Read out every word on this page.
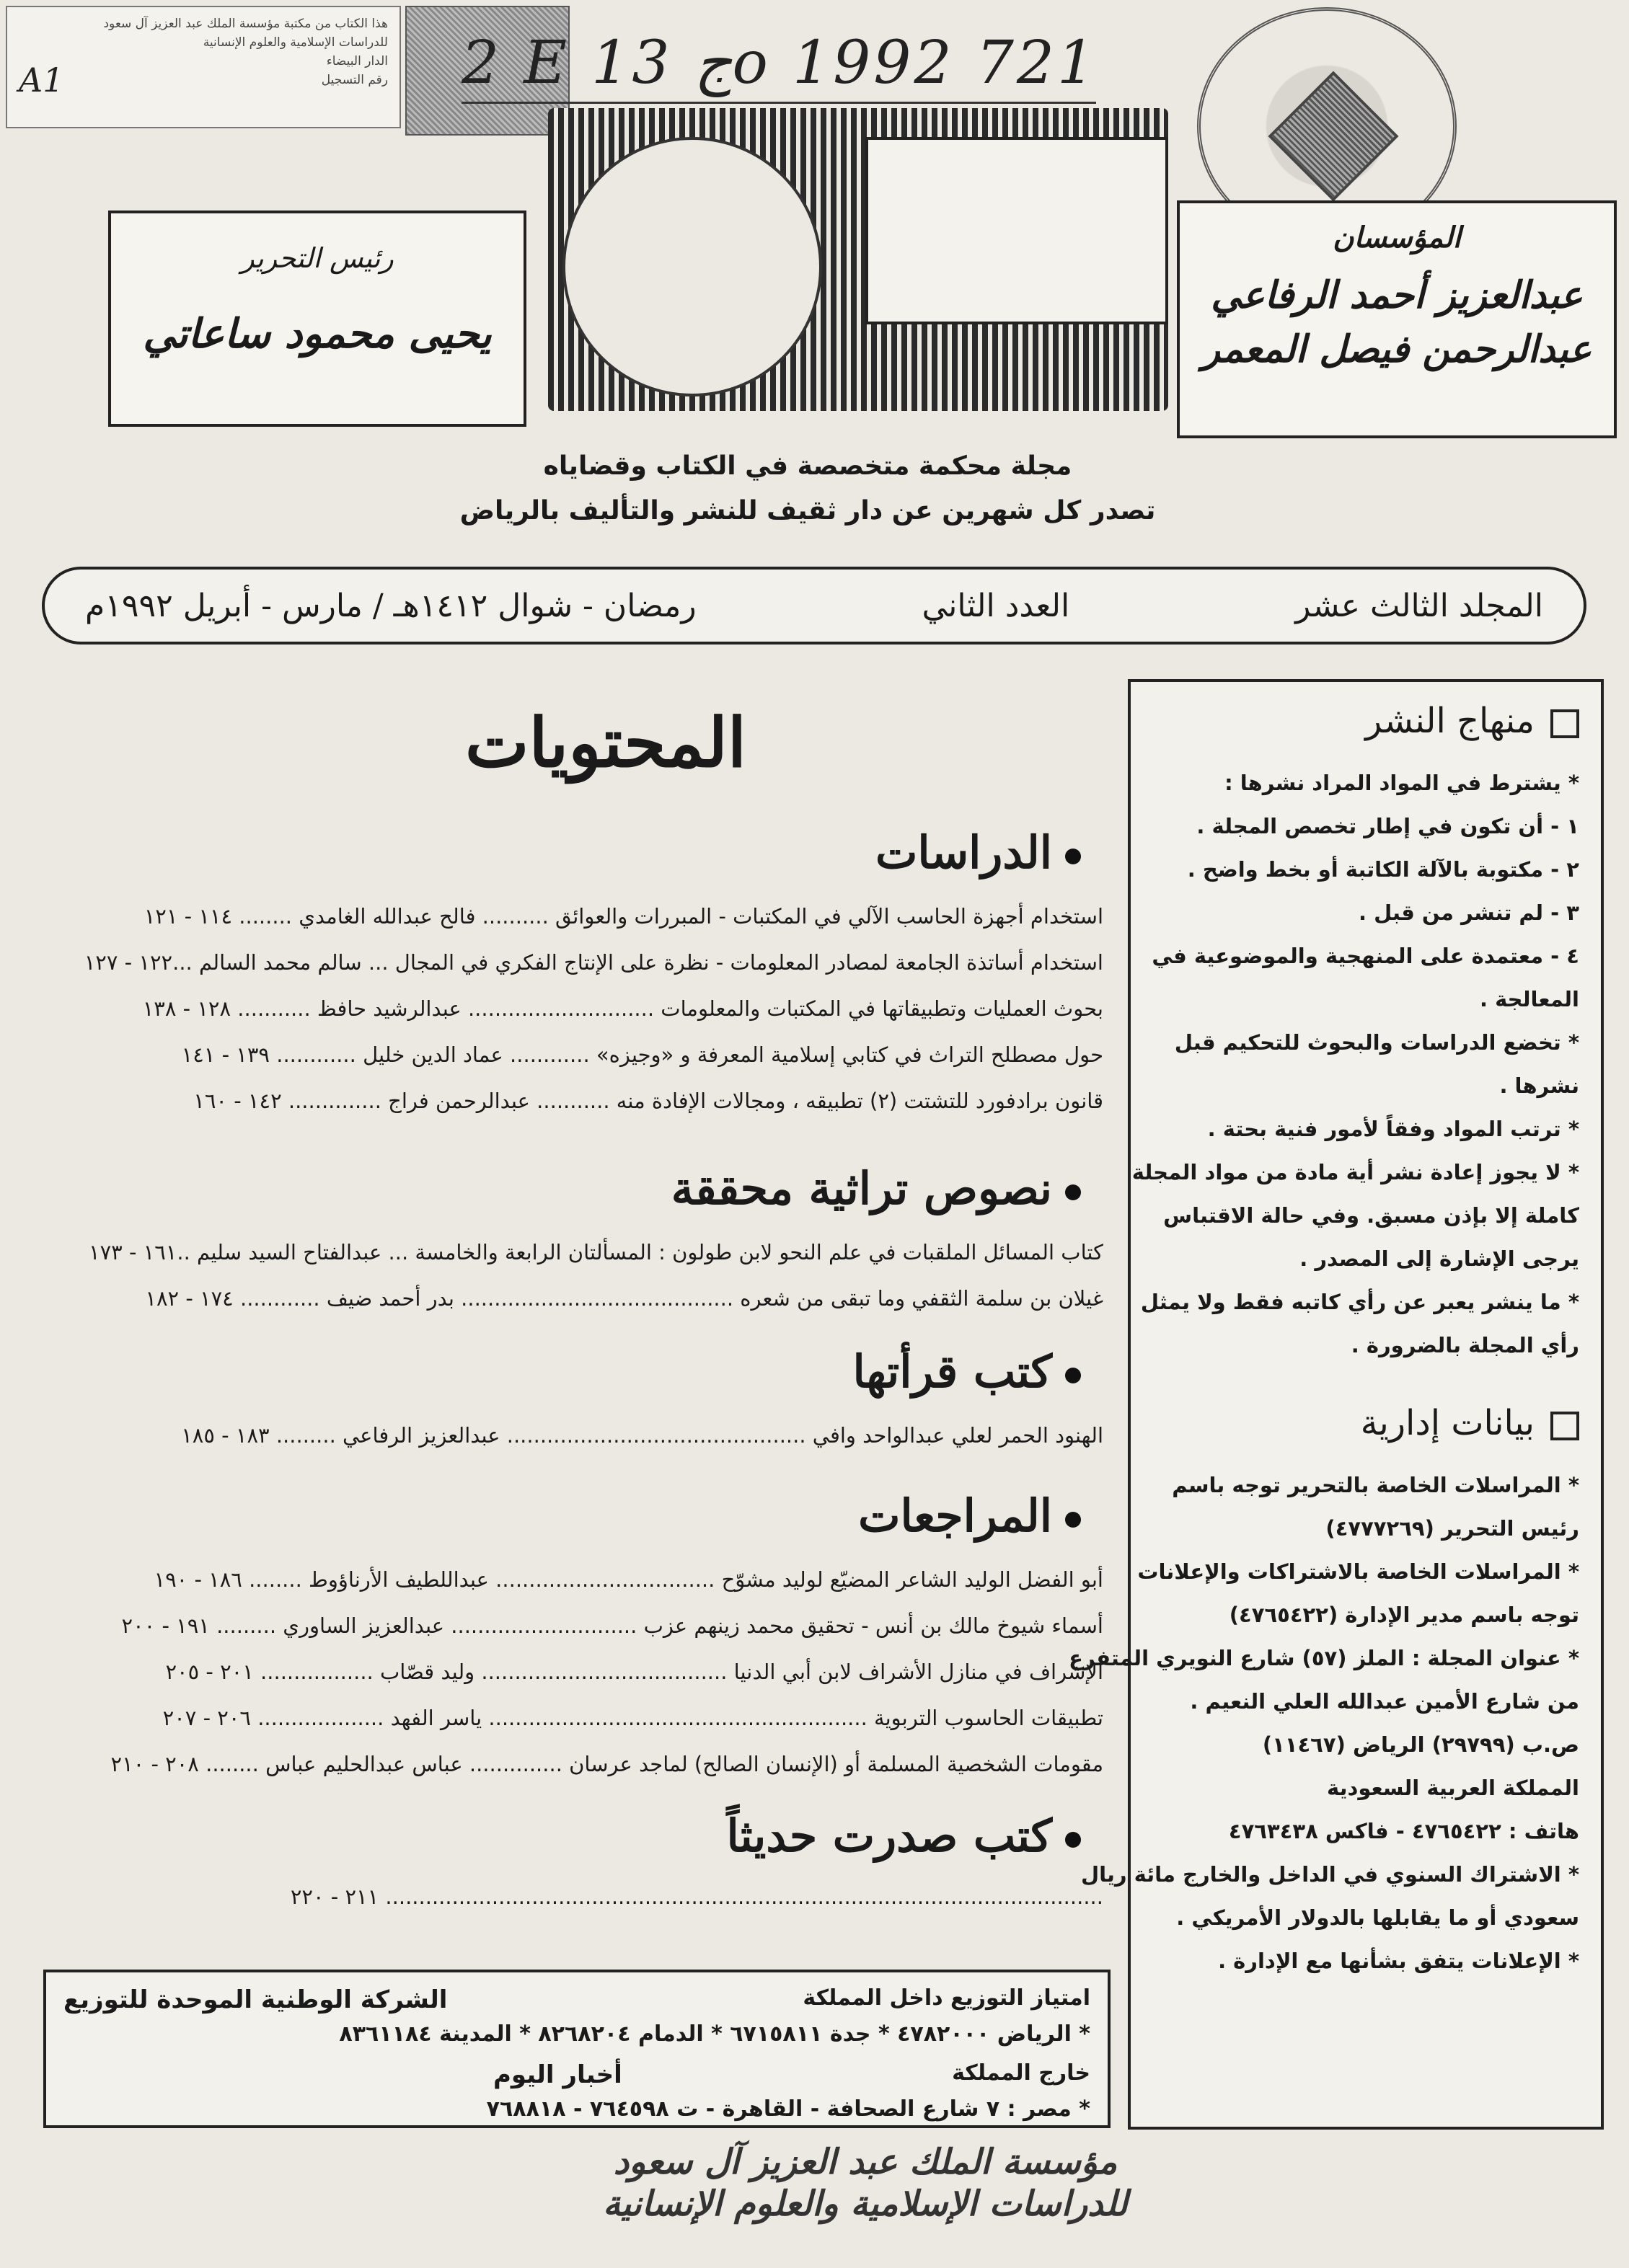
هذا الكتاب من مكتبة مؤسسة الملك عبد العزيز آل سعود
للدراسات الإسلامية والعلوم الإنسانية
الدار البيضاء
A1	رقم التسجيل 2 E 13 جo 1992 721
رئيس التحرير
يحيى محمود ساعاتي
المؤسسان
عبدالعزيز أحمد الرفاعي
عبدالرحمن فيصل المعمر
مجلة محكمة متخصصة في الكتاب وقضاياه
تصدر كل شهرين عن دار ثقيف للنشر والتأليف بالرياض
المجلد الثالث عشر
العدد الثاني
رمضان - شوال ١٤١٢هـ / مارس - أبريل ١٩٩٢م
المحتويات
الدراسات
استخدام أجهزة الحاسب الآلي في المكتبات - المبررات والعوائق .......... فالح عبدالله الغامدي ........ ١١٤ - ١٢١
استخدام أساتذة الجامعة لمصادر المعلومات - نظرة على الإنتاج الفكري في المجال ... سالم محمد السالم ...١٢٢ - ١٢٧
بحوث العمليات وتطبيقاتها في المكتبات والمعلومات ............................ عبدالرشيد حافظ ........... ١٢٨ - ١٣٨
حول مصطلح التراث في كتابي إسلامية المعرفة و «وجيزه» ............ عماد الدين خليل ............ ١٣٩ - ١٤١
قانون برادفورد للتشتت (٢) تطبيقه ، ومجالات الإفادة منه ........... عبدالرحمن فراج .............. ١٤٢ - ١٦٠
نصوص تراثية محققة
كتاب المسائل الملقبات في علم النحو لابن طولون : المسألتان الرابعة والخامسة ... عبدالفتاح السيد سليم ..١٦١ - ١٧٣
غيلان بن سلمة الثقفي وما تبقى من شعره ......................................... بدر أحمد ضيف ............ ١٧٤ - ١٨٢
كتب قرأتها
الهنود الحمر لعلي عبدالواحد وافي ............................................. عبدالعزيز الرفاعي ......... ١٨٣ - ١٨٥
المراجعات
أبو الفضل الوليد الشاعر المضيّع لوليد مشوّح ................................. عبداللطيف الأرناؤوط ........ ١٨٦ - ١٩٠
أسماء شيوخ مالك بن أنس - تحقيق محمد زينهم عزب ............................ عبدالعزيز الساوري ......... ١٩١ - ٢٠٠
الإشراف في منازل الأشراف لابن أبي الدنيا ..................................... وليد قصّاب ................. ٢٠١ - ٢٠٥
تطبيقات الحاسوب التربوية ......................................................... ياسر الفهد ................... ٢٠٦ - ٢٠٧
مقومات الشخصية المسلمة أو (الإنسان الصالح) لماجد عرسان .............. عباس عبدالحليم عباس ........ ٢٠٨ - ٢١٠
كتب صدرت حديثاً
............................................................................................................ ٢١١ - ٢٢٠
منهاج النشر
* يشترط في المواد المراد نشرها :
١ - أن تكون في إطار تخصص المجلة .
٢ - مكتوبة بالآلة الكاتبة أو بخط واضح .
٣ - لم تنشر من قبل .
٤ - معتمدة على المنهجية والموضوعية في
المعالجة .
* تخضع الدراسات والبحوث للتحكيم قبل
نشرها .
* ترتب المواد وفقاً لأمور فنية بحتة .
* لا يجوز إعادة نشر أية مادة من مواد المجلة
كاملة إلا بإذن مسبق. وفي حالة الاقتباس
يرجى الإشارة إلى المصدر .
* ما ينشر يعبر عن رأي كاتبه فقط ولا يمثل
رأي المجلة بالضرورة .
بيانات إدارية
* المراسلات الخاصة بالتحرير توجه باسم
رئيس التحرير (٤٧٧٧٢٦٩)
* المراسلات الخاصة بالاشتراكات والإعلانات
توجه باسم مدير الإدارة (٤٧٦٥٤٢٢)
* عنوان المجلة : الملز (٥٧) شارع النويري المتفرع
من شارع الأمين عبدالله العلي النعيم .
ص.ب (٢٩٧٩٩) الرياض (١١٤٦٧)
المملكة العربية السعودية
هاتف : ٤٧٦٥٤٢٢ - فاكس ٤٧٦٣٤٣٨
* الاشتراك السنوي في الداخل والخارج مائة ريال
سعودي أو ما يقابلها بالدولار الأمريكي .
* الإعلانات يتفق بشأنها مع الإدارة .
امتياز التوزيع داخل المملكة
الشركة الوطنية الموحدة للتوزيع
* الرياض ٤٧٨٢٠٠٠ * جدة ٦٧١٥٨١١ * الدمام ٨٢٦٨٢٠٤ * المدينة ٨٣٦١١٨٤
خارج المملكة
أخبار اليوم
* مصر : ٧ شارع الصحافة - القاهرة - ت ٧٦٤٥٩٨ - ٧٦٨٨١٨
مؤسسة الملك عبد العزيز آل سعود
للدراسات الإسلامية والعلوم الإنسانية
